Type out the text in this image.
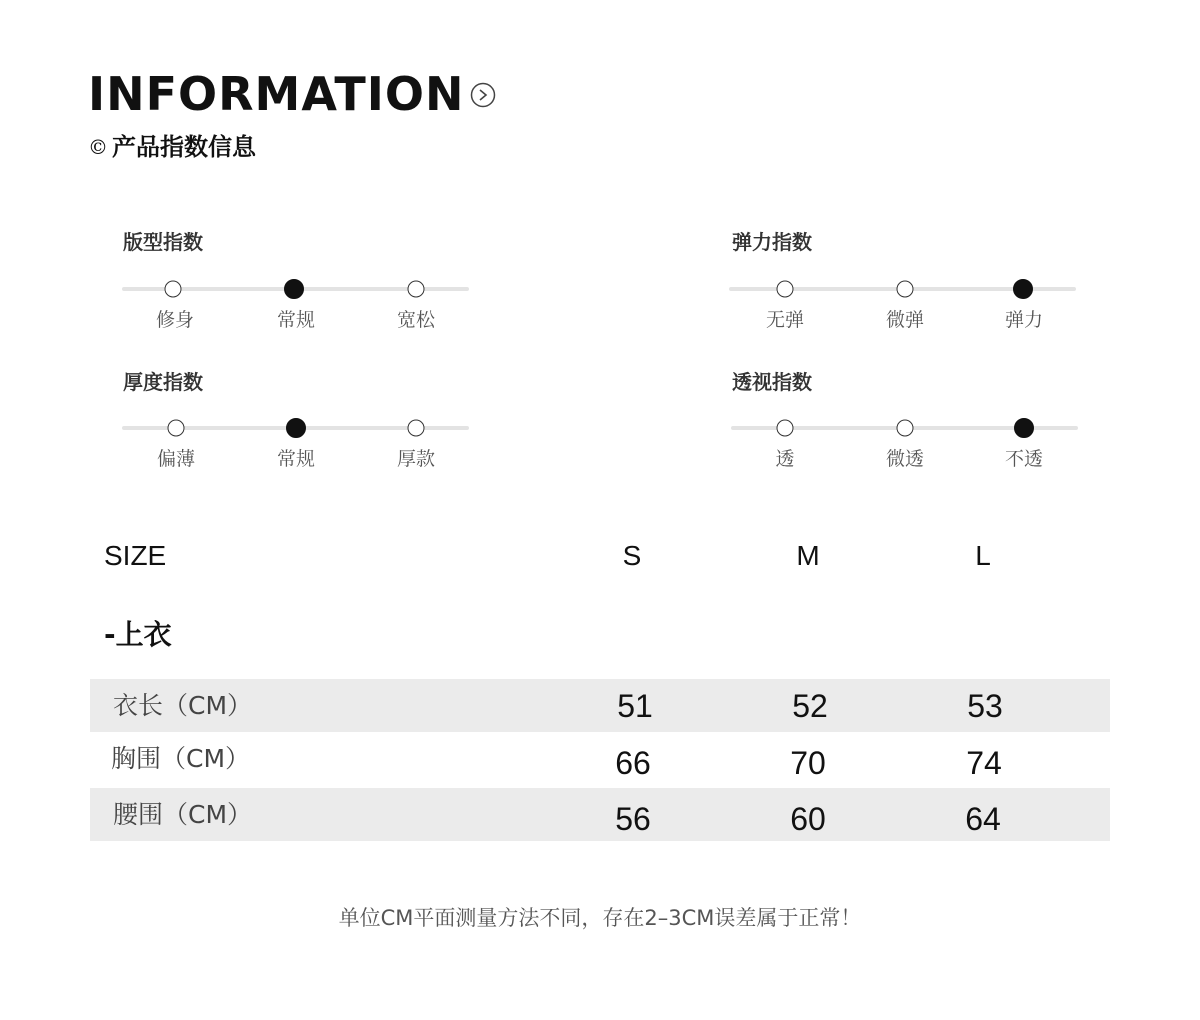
INFORMATION
© 产品指数信息
版型指数
修身	常规	宽松
弹力指数
无弹	微弹	弹力
厚度指数
偏薄	常规	厚款
透视指数
透	微透	不透
SIZE	S	M	L
-上衣
衣长（CM）	51	52	53
胸围（CM）	66	70	74
腰围（CM）	56	60	64
单位CM平面测量方法不同，存在2–3CM误差属于正常！
